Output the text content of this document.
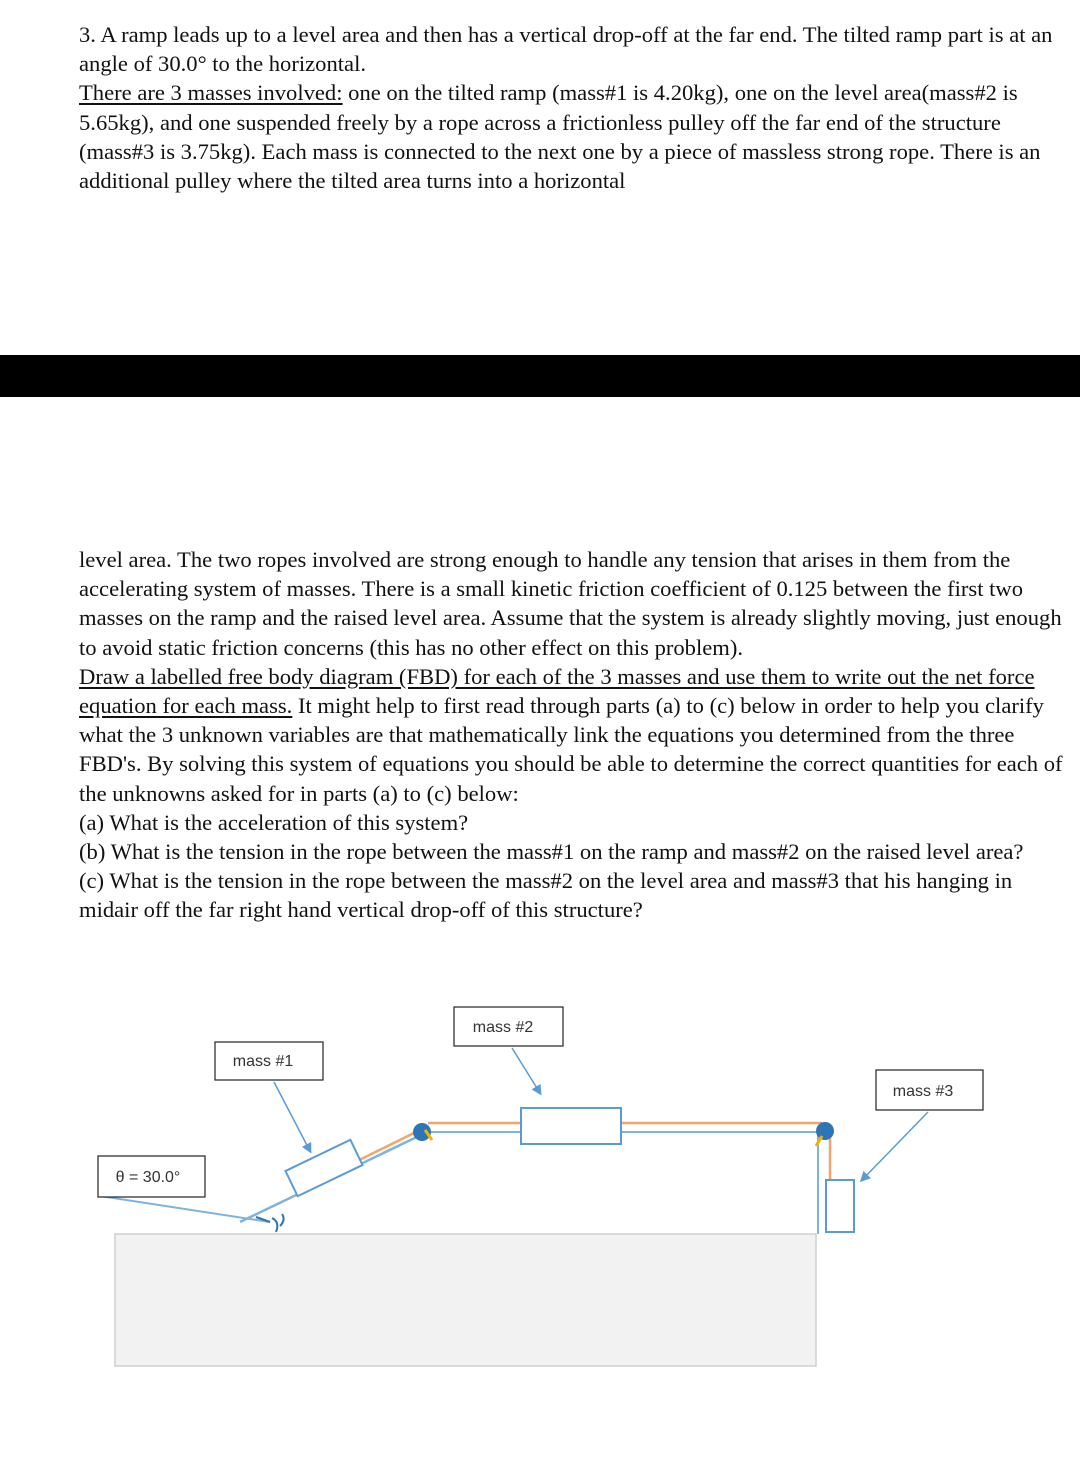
3. A ramp leads up to a level area and then has a vertical drop-off at the far end. The tilted ramp part is at an angle of 30.0° to the horizontal.
There are 3 masses involved: one on the tilted ramp (mass#1 is 4.20kg), one on the level area(mass#2 is 5.65kg), and one suspended freely by a rope across a frictionless pulley off the far end of the structure (mass#3 is 3.75kg). Each mass is connected to the next one by a piece of massless strong rope. There is an additional pulley where the tilted area turns into a horizontal

level area. The two ropes involved are strong enough to handle any tension that arises in them from the accelerating system of masses. There is a small kinetic friction coefficient of 0.125 between the first two masses on the ramp and the raised level area. Assume that the system is already slightly moving, just enough to avoid static friction concerns (this has no other effect on this problem).
Draw a labelled free body diagram (FBD) for each of the 3 masses and use them to write out the net force equation for each mass. It might help to first read through parts (a) to (c) below in order to help you clarify what the 3 unknown variables are that mathematically link the equations you determined from the three FBD's. By solving this system of equations you should be able to determine the correct quantities for each of the unknowns asked for in parts (a) to (c) below:
(a) What is the acceleration of this system?
(b) What is the tension in the rope between the mass#1 on the ramp and mass#2 on the raised level area?
(c) What is the tension in the rope between the mass#2 on the level area and mass#3 that his hanging in midair off the far right hand vertical drop-off of this structure?

mass #2
mass #1
mass #3
θ = 30.0°
